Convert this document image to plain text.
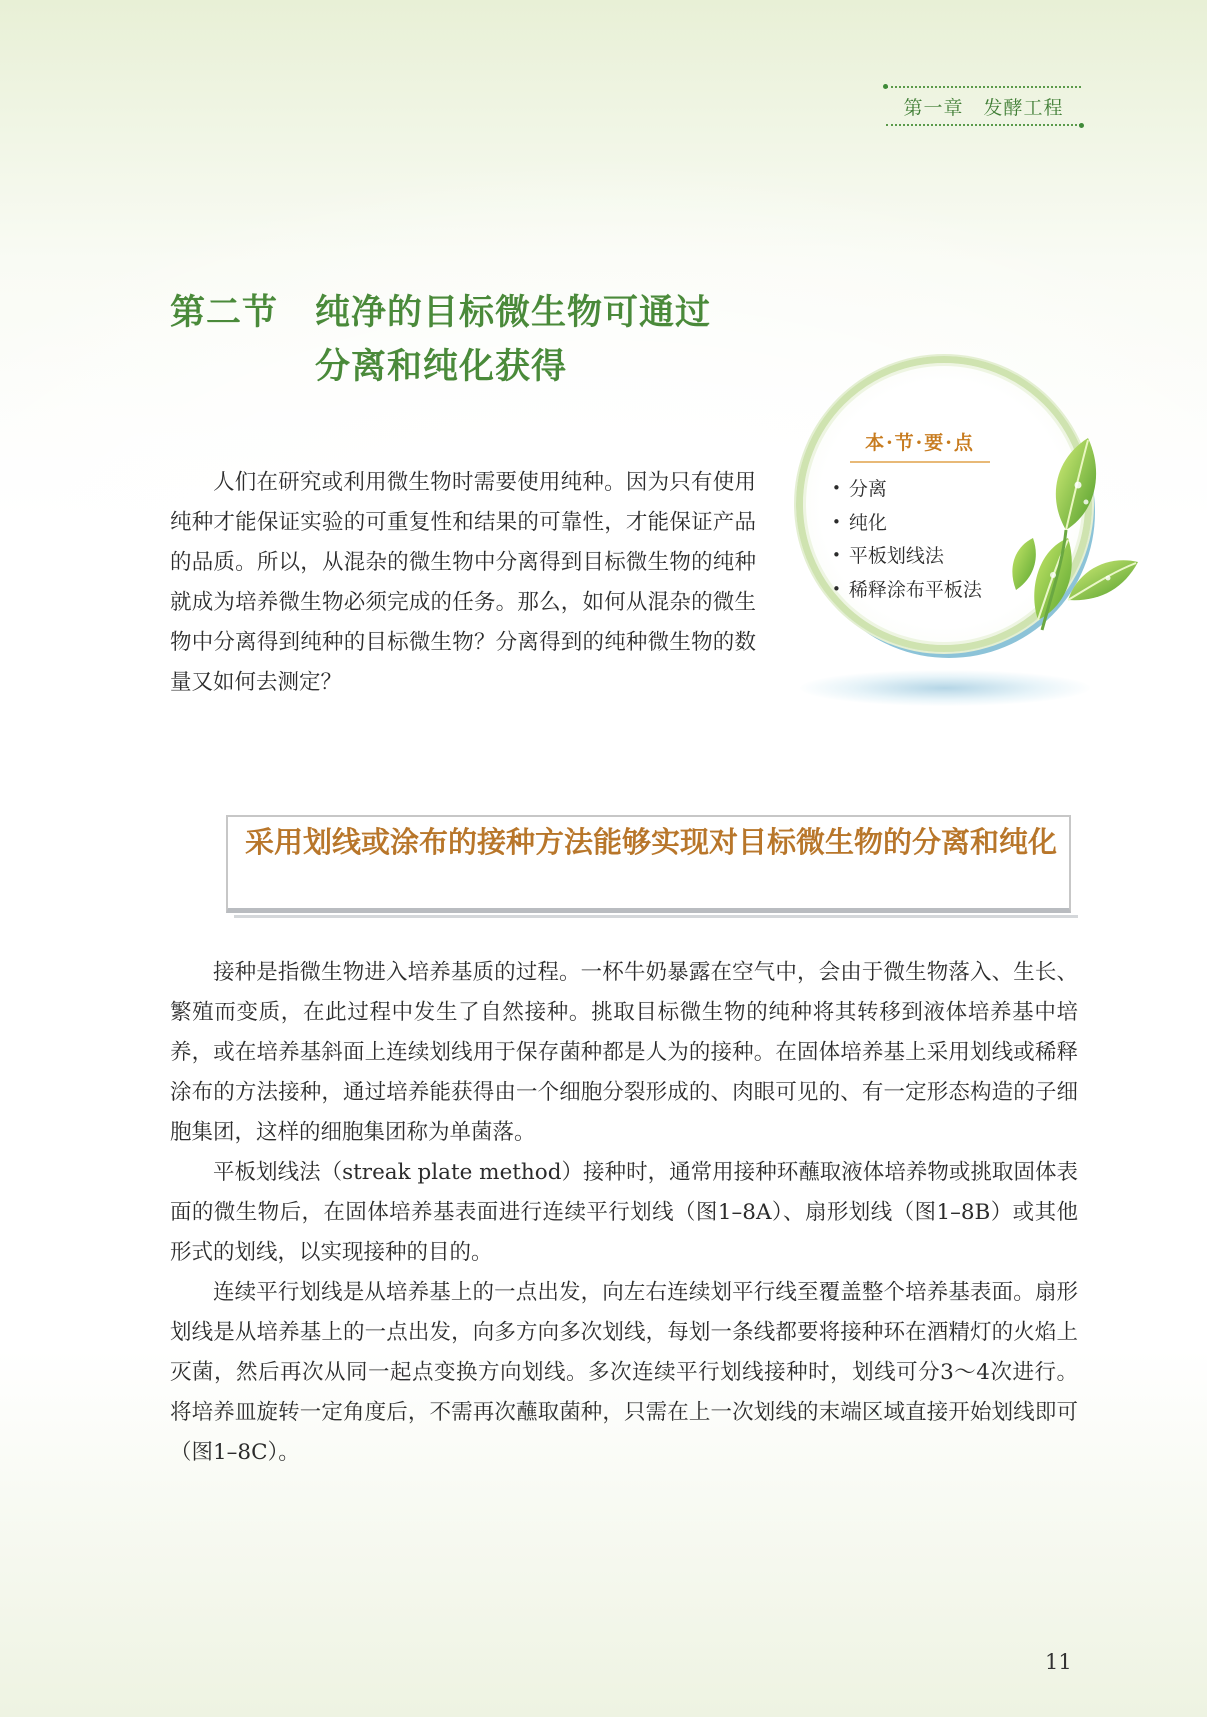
第一章　发酵工程
第二节 纯净的目标微生物可通过
分离和纯化获得

人们在研究或利用微生物时需要使用纯种。因为只有使用纯种才能保证实验的可重复性和结果的可靠性，才能保证产品的品质。所以，从混杂的微生物中分离得到目标微生物的纯种就成为培养微生物必须完成的任务。那么，如何从混杂的微生物中分离得到纯种的目标微生物？分离得到的纯种微生物的数量又如何去测定？

本·节·要·点
• 分离
• 纯化
• 平板划线法
• 稀释涂布平板法
采用划线或涂布的接种方法能够实现对目标微生物的分离和纯化

接种是指微生物进入培养基质的过程。一杯牛奶暴露在空气中，会由于微生物落入、生长、繁殖而变质，在此过程中发生了自然接种。挑取目标微生物的纯种将其转移到液体培养基中培养，或在培养基斜面上连续划线用于保存菌种都是人为的接种。在固体培养基上采用划线或稀释涂布的方法接种，通过培养能获得由一个细胞分裂形成的、肉眼可见的、有一定形态构造的子细胞集团，这样的细胞集团称为单菌落。

平板划线法（streak plate method）接种时，通常用接种环蘸取液体培养物或挑取固体表面的微生物后，在固体培养基表面进行连续平行划线（图1–8A）、扇形划线（图1–8B）或其他形式的划线，以实现接种的目的。

连续平行划线是从培养基上的一点出发，向左右连续划平行线至覆盖整个培养基表面。扇形划线是从培养基上的一点出发，向多方向多次划线，每划一条线都要将接种环在酒精灯的火焰上灭菌，然后再次从同一起点变换方向划线。多次连续平行划线接种时，划线可分3～4次进行。将培养皿旋转一定角度后，不需再次蘸取菌种，只需在上一次划线的末端区域直接开始划线即可（图1–8C）。

11
